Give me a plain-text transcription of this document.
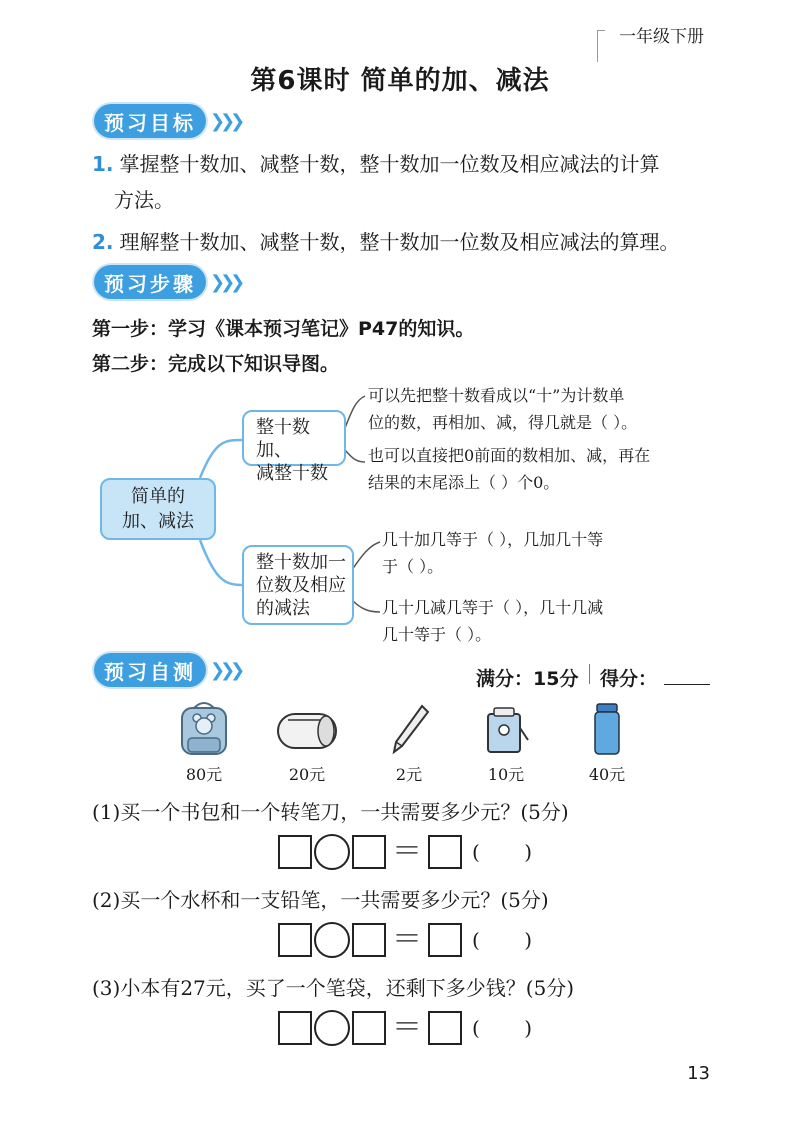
一年级下册
第6课时 简单的加、减法
预习目标 ❯❯❯
1. 掌握整十数加、减整十数，整十数加一位数及相应减法的计算
方法。
2. 理解整十数加、减整十数，整十数加一位数及相应减法的算理。
预习步骤 ❯❯❯
第一步：学习《课本预习笔记》P47的知识。
第二步：完成以下知识导图。
简单的
加、减法
整十数加、
减整十数
整十数加一
位数及相应
的减法
可以先把整十数看成以“十”为计数单
位的数，再相加、减，得几就是（ ）。
也可以直接把0前面的数相加、减，再在
结果的末尾添上（ ）个0。
几十加几等于（ ），几加几十等
于（ ）。
几十几减几等于（ ），几十几减
几十等于（ ）。
预习自测 ❯❯❯	满分：15分 得分：
80元	20元	2元	10元	40元
(1)买一个书包和一个转笔刀，一共需要多少元？(5分)
＝	(       )
(2)买一个水杯和一支铅笔，一共需要多少元？(5分)
＝	(       )
(3)小本有27元，买了一个笔袋，还剩下多少钱？(5分)
＝	(       )
13
